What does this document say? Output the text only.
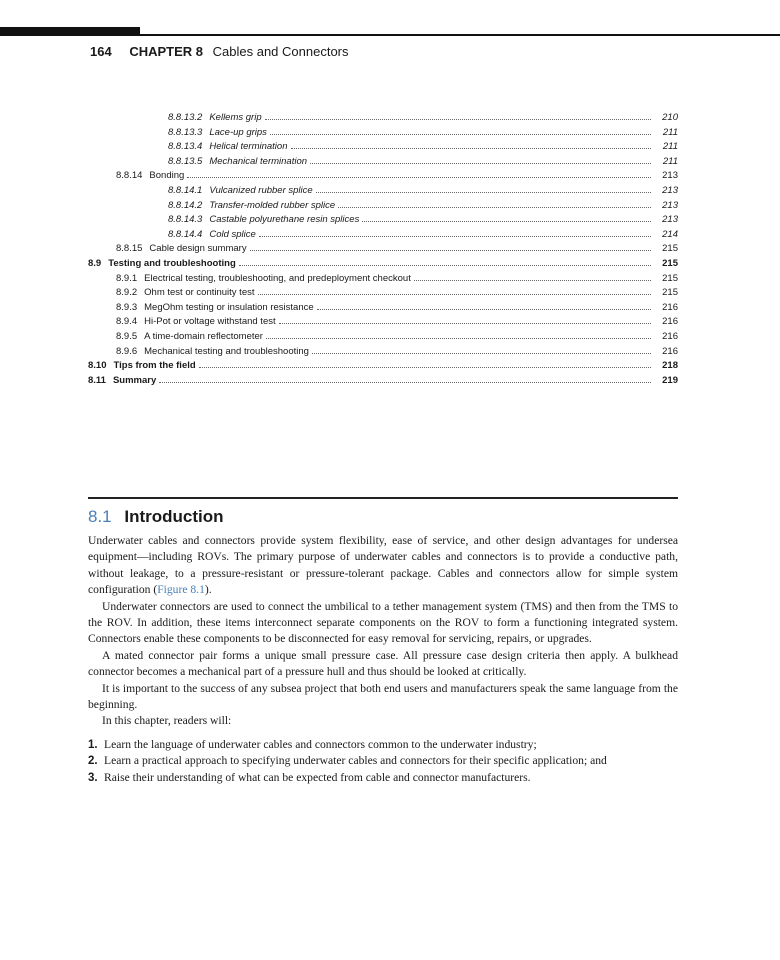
164 CHAPTER 8 Cables and Connectors
8.8.13.2 Kellems grip	210
8.8.13.3 Lace-up grips	211
8.8.13.4 Helical termination	211
8.8.13.5 Mechanical termination	211
8.8.14 Bonding	213
8.8.14.1 Vulcanized rubber splice	213
8.8.14.2 Transfer-molded rubber splice	213
8.8.14.3 Castable polyurethane resin splices	213
8.8.14.4 Cold splice	214
8.8.15 Cable design summary	215
8.9 Testing and troubleshooting	215
8.9.1 Electrical testing, troubleshooting, and predeployment checkout	215
8.9.2 Ohm test or continuity test	215
8.9.3 MegOhm testing or insulation resistance	216
8.9.4 Hi-Pot or voltage withstand test	216
8.9.5 A time-domain reflectometer	216
8.9.6 Mechanical testing and troubleshooting	216
8.10 Tips from the field	218
8.11 Summary	219
8.1 Introduction

Underwater cables and connectors provide system flexibility, ease of service, and other design advantages for undersea equipment—including ROVs. The primary purpose of underwater cables and connectors is to provide a conductive path, without leakage, to a pressure-resistant or pressure-tolerant package. Cables and connectors allow for simple system configuration (Figure 8.1).

Underwater connectors are used to connect the umbilical to a tether management system (TMS) and then from the TMS to the ROV. In addition, these items interconnect separate components on the ROV to form a functioning integrated system. Connectors enable these components to be disconnected for easy removal for servicing, repairs, or upgrades.

A mated connector pair forms a unique small pressure case. All pressure case design criteria then apply. A bulkhead connector becomes a mechanical part of a pressure hull and thus should be looked at critically.

It is important to the success of any subsea project that both end users and manufacturers speak the same language from the beginning.

In this chapter, readers will:

1. Learn the language of underwater cables and connectors common to the underwater industry;
2. Learn a practical approach to specifying underwater cables and connectors for their specific application; and
3. Raise their understanding of what can be expected from cable and connector manufacturers.
